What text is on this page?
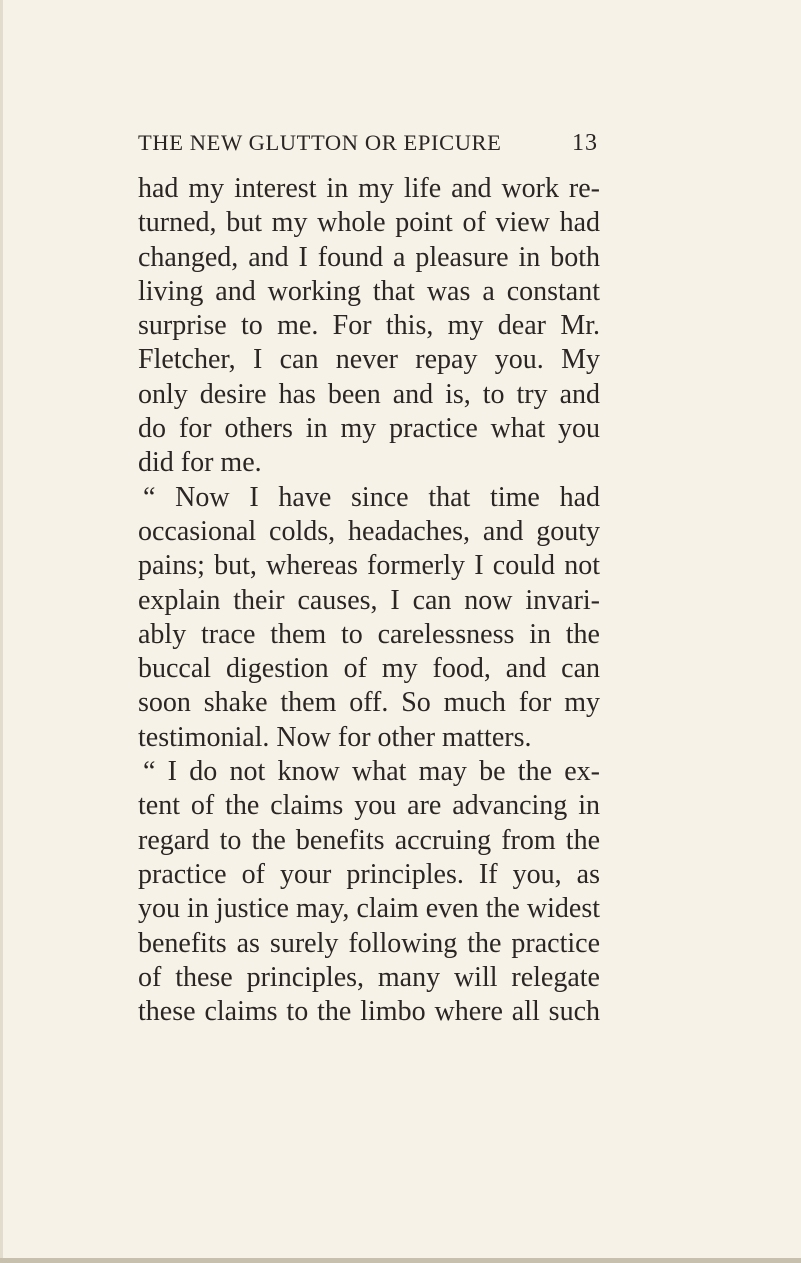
THE NEW GLUTTON OR EPICURE	13
had my interest in my life and work re-
turned, but my whole point of view had
changed, and I found a pleasure in both
living and working that was a constant
surprise to me. For this, my dear Mr.
Fletcher, I can never repay you. My
only desire has been and is, to try and
do for others in my practice what you
did for me.
“ Now I have since that time had
occasional colds, headaches, and gouty
pains; but, whereas formerly I could not
explain their causes, I can now invari-
ably trace them to carelessness in the
buccal digestion of my food, and can
soon shake them off. So much for my
testimonial. Now for other matters.
“ I do not know what may be the ex-
tent of the claims you are advancing in
regard to the benefits accruing from the
practice of your principles. If you, as
you in justice may, claim even the widest
benefits as surely following the practice
of these principles, many will relegate
these claims to the limbo where all such
